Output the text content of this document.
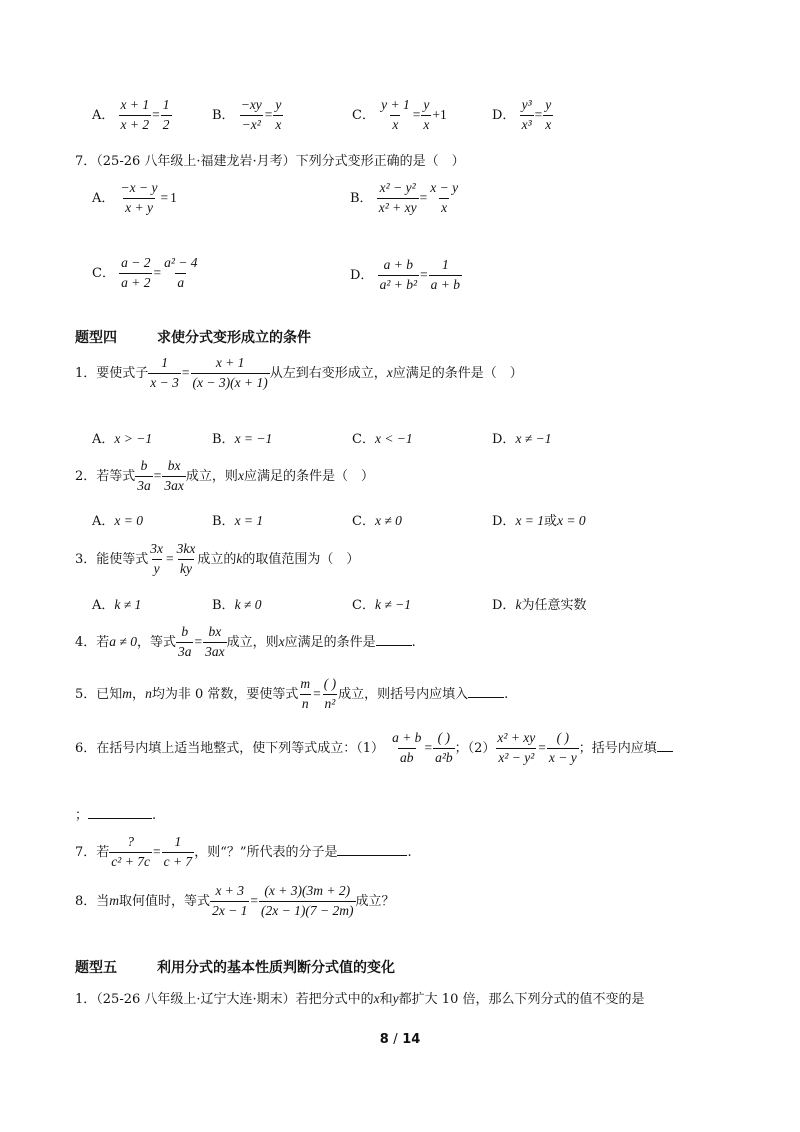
A． $\frac{x + 1}{x + 2} = \frac{1}{2}$	B． $\frac{-xy}{\text{−x²}} = \frac{y}{x}$	C． $\frac{y + 1}{x} = \frac{y}{x} +1$	D． $\frac{\text{y³}}{\text{x³}} = \frac{y}{x}$
7．（25-26 八年级上·福建龙岩·月考）下列分式变形正确的是（　）
A． $\frac{-x - y}{x + y} = 1$	B． $\frac{\text{x² − y²}}{\text{x² + xy}} = \frac{x - y}{x}$
C． $\frac{a - 2}{a + 2} = \frac{\text{a² − 4}}{a}$	D． $\frac{a + b}{\text{a² + b²}} = \frac{1}{a + b}$
题型四	求使分式变形成立的条件
1．要使式子 $\frac{1}{x - 3} = \frac{x + 1}{(x - 3)(x + 1)}$ 从左到右变形成立，x应满足的条件是（　）
A．x > −1	B．x = −1	C．x < −1	D．x ≠ −1
2．若等式 $\frac{b}{3a} = \frac{bx}{3ax}$ 成立，则x应满足的条件是（　）
A．x = 0	B．x = 1	C．x ≠ 0	D．x = 1或x = 0
3．能使等式 $\frac{3x}{y} = \frac{3kx}{ky}$ 成立的k的取值范围为（　）
A．k ≠ 1	B．k ≠ 0	C．k ≠ −1	D．k为任意实数
4．若a ≠ 0，等式 $\frac{b}{3a} = \frac{bx}{3ax}$ 成立，则x应满足的条件是	.
5．已知m，n均为非 0 常数，要使等式 $\frac{m}{n} = \frac{( )}{\text{n²}}$ 成立，则括号内应填入	.
6．在括号内填上适当地整式，使下列等式成立：$(1) \frac{a + b}{ab} = \frac{( )}{\text{a²b}}$ ；$(2) \frac{\text{x² + xy}}{\text{x² − y²}} = \frac{( )}{x - y}$ ；括号内应填
；	.
7．若 $\frac{?}{\text{c² + 7c}} = \frac{1}{c + 7}$ ，则“？”所代表的分子是	.
8．当m取何值时，等式 $\frac{x + 3}{2x - 1} = \frac{(x + 3)(3m + 2)}{(2x - 1)(7 - 2m)}$ 成立？
题型五	利用分式的基本性质判断分式值的变化
1．（25-26 八年级上·辽宁大连·期末）若把分式中的x和y都扩大 10 倍，那么下列分式的值不变的是
8 / 14
